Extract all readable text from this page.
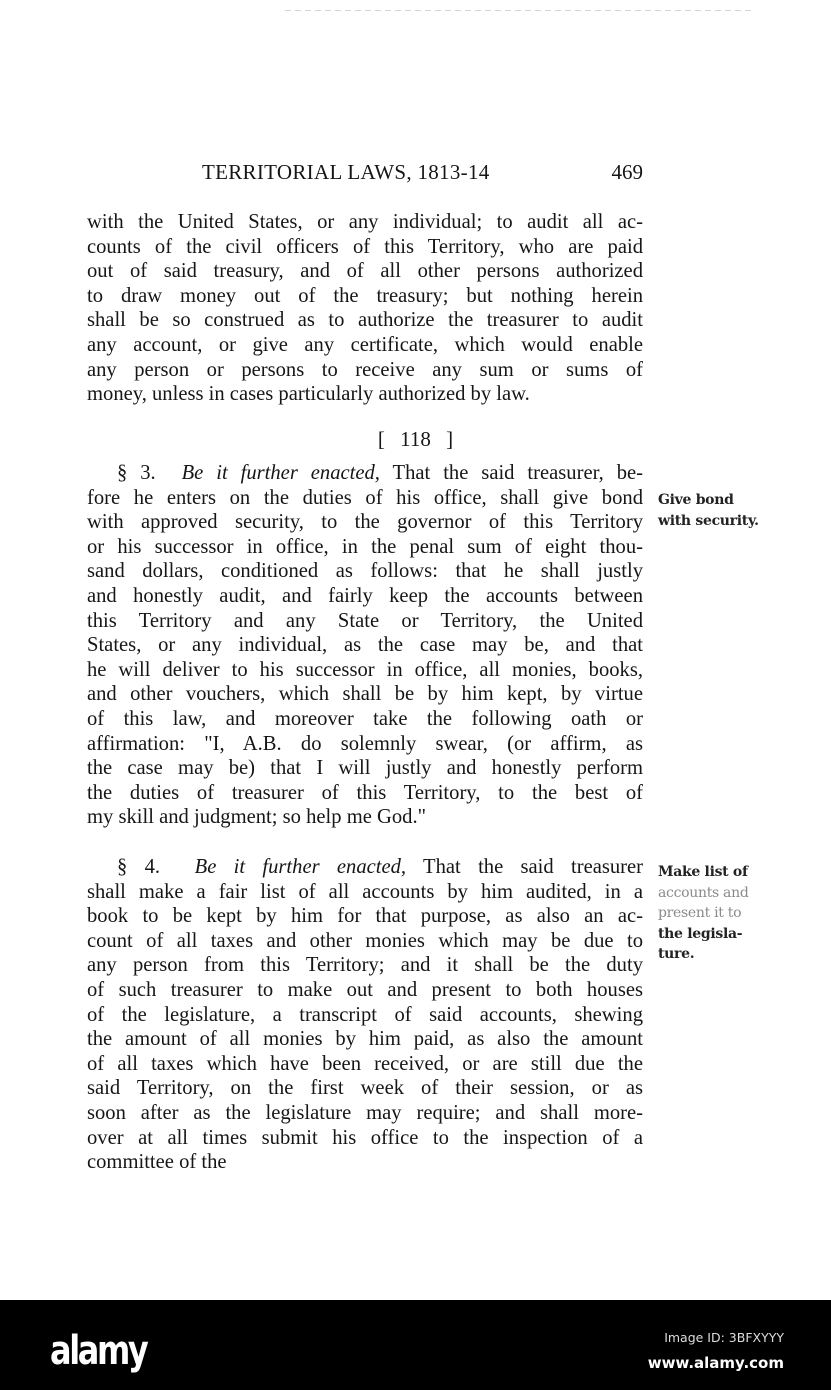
TERRITORIAL LAWS, 1813-14	469
with the United States, or any individual; to audit all ac-
counts of the civil officers of this Territory, who are paid
out of said treasury, and of all other persons authorized
to draw money out of the treasury; but nothing herein
shall be so construed as to authorize the treasurer to audit
any account, or give any certificate, which would enable
any person or persons to receive any sum or sums of
money, unless in cases particularly authorized by law.
[ 118 ]
§ 3. Be it further enacted, That the said treasurer, be-
fore he enters on the duties of his office, shall give bond
with approved security, to the governor of this Territory
or his successor in office, in the penal sum of eight thou-
sand dollars, conditioned as follows: that he shall justly
and honestly audit, and fairly keep the accounts between
this Territory and any State or Territory, the United
States, or any individual, as the case may be, and that
he will deliver to his successor in office, all monies, books,
and other vouchers, which shall be by him kept, by virtue
of this law, and moreover take the following oath or
affirmation: "I, A.B. do solemnly swear, (or affirm, as
the case may be) that I will justly and honestly perform
the duties of treasurer of this Territory, to the best of
my skill and judgment; so help me God."
§ 4. Be it further enacted, That the said treasurer
shall make a fair list of all accounts by him audited, in a
book to be kept by him for that purpose, as also an ac-
count of all taxes and other monies which may be due to
any person from this Territory; and it shall be the duty
of such treasurer to make out and present to both houses
of the legislature, a transcript of said accounts, shewing
the amount of all monies by him paid, as also the amount
of all taxes which have been received, or are still due the
said Territory, on the first week of their session, or as
soon after as the legislature may require; and shall more-
over at all times submit his office to the inspection of a
committee of the
Give bond
with security.
Make list of
accounts and
present it to
the legisla-
ture.
alamy	Image ID: 3BFXYYY
www.alamy.com
